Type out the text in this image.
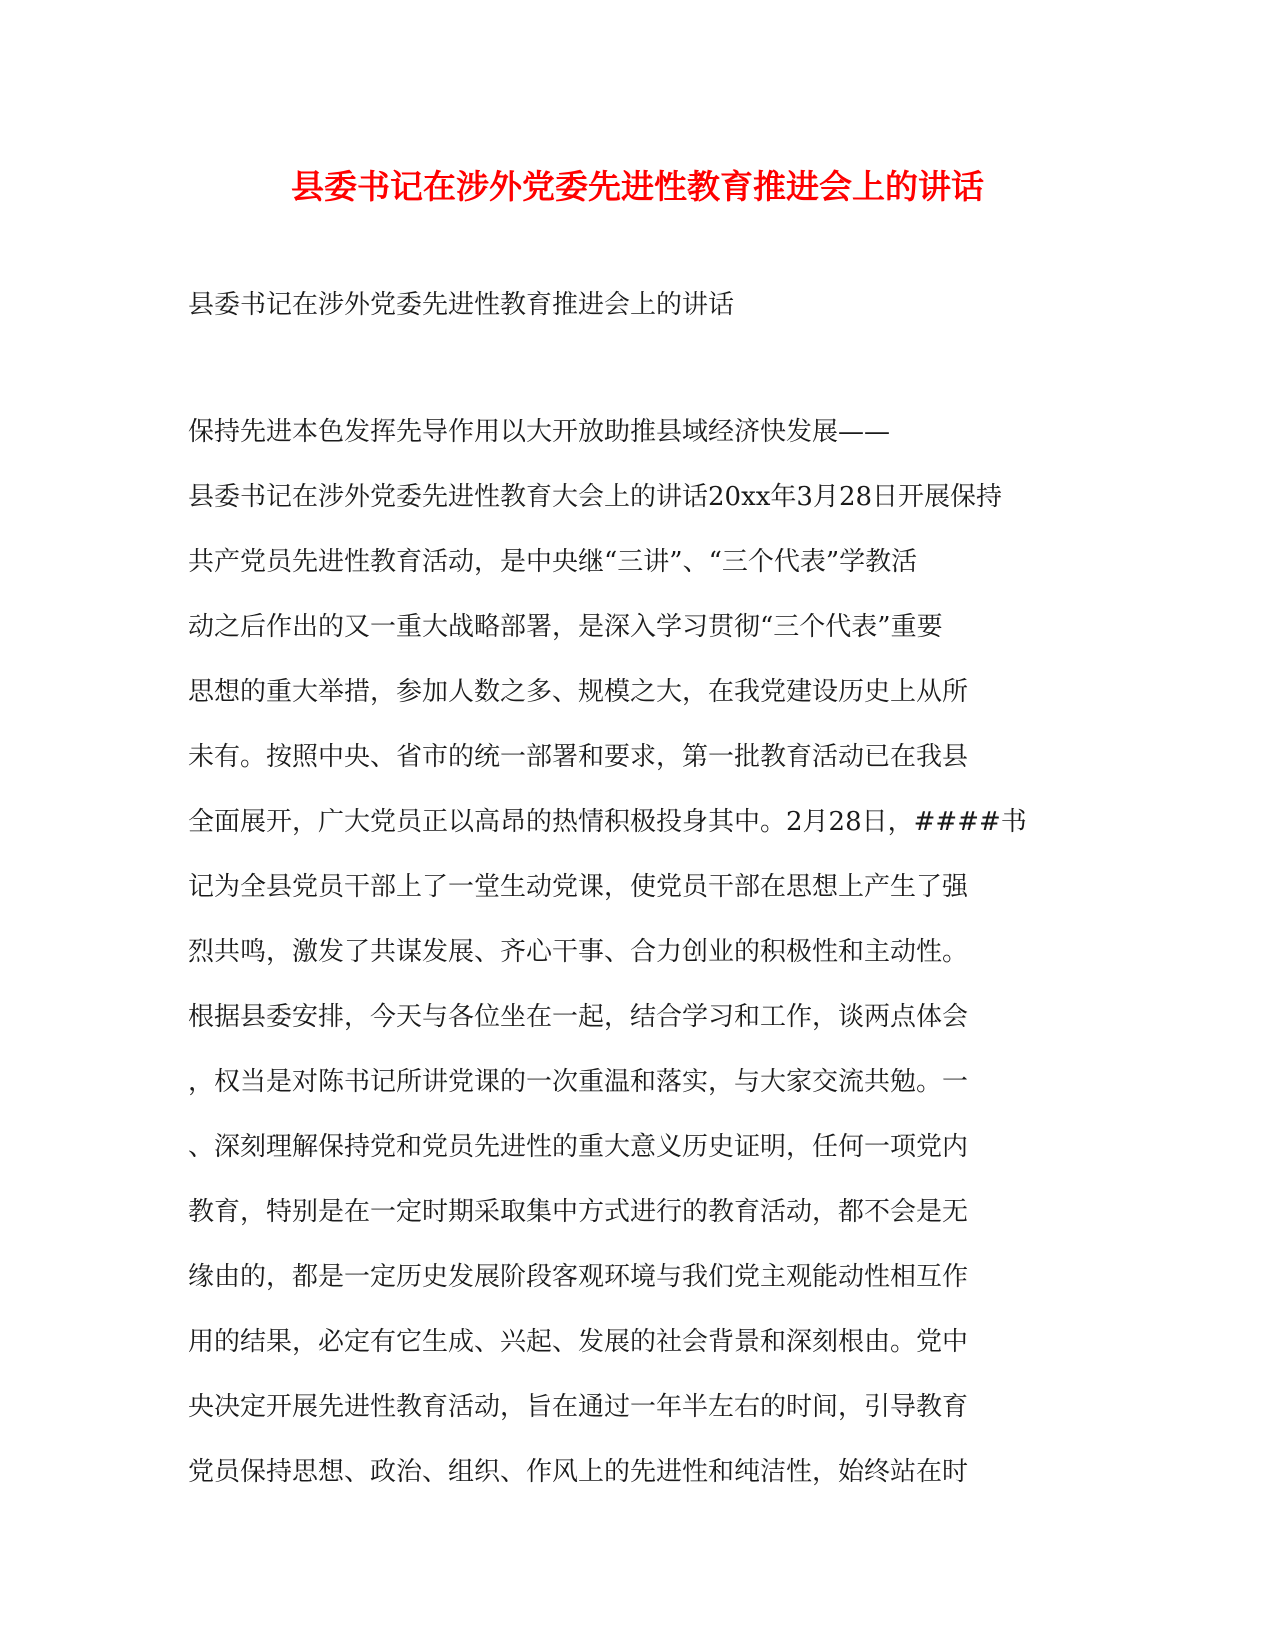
县委书记在涉外党委先进性教育推进会上的讲话

县委书记在涉外党委先进性教育推进会上的讲话

保持先进本色发挥先导作用以大开放助推县域经济快发展——
县委书记在涉外党委先进性教育大会上的讲话20xx年3月28日开展保持
共产党员先进性教育活动，是中央继“三讲”、“三个代表”学教活
动之后作出的又一重大战略部署，是深入学习贯彻“三个代表”重要
思想的重大举措，参加人数之多、规模之大，在我党建设历史上从所
未有。按照中央、省市的统一部署和要求，第一批教育活动已在我县
全面展开，广大党员正以高昂的热情积极投身其中。2月28日，####书
记为全县党员干部上了一堂生动党课，使党员干部在思想上产生了强
烈共鸣，激发了共谋发展、齐心干事、合力创业的积极性和主动性。
根据县委安排，今天与各位坐在一起，结合学习和工作，谈两点体会
，权当是对陈书记所讲党课的一次重温和落实，与大家交流共勉。一
、深刻理解保持党和党员先进性的重大意义历史证明，任何一项党内
教育，特别是在一定时期采取集中方式进行的教育活动，都不会是无
缘由的，都是一定历史发展阶段客观环境与我们党主观能动性相互作
用的结果，必定有它生成、兴起、发展的社会背景和深刻根由。党中
央决定开展先进性教育活动，旨在通过一年半左右的时间，引导教育
党员保持思想、政治、组织、作风上的先进性和纯洁性，始终站在时
